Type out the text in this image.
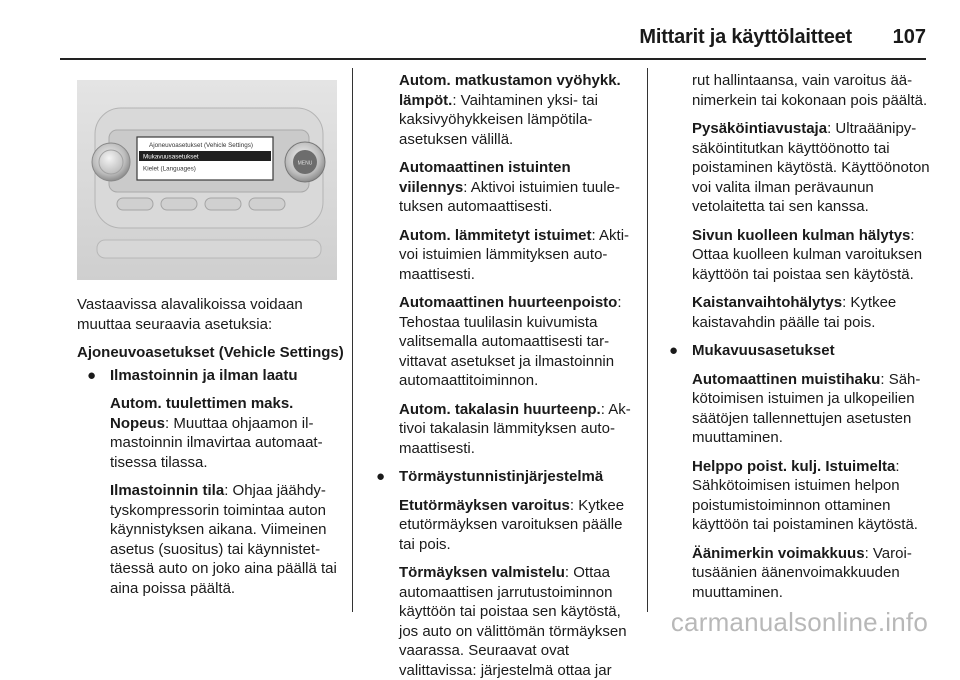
Mittarit ja käyttölaitteet 107
MENU
Ajoneuvoasetukset (Vehicle Settings)
Mukavuusasetukset
Kielet (Languages)

Vastaavissa alavalikoissa voidaan muuttaa seuraavia asetuksia:

Ajoneuvoasetukset (Vehicle Settings)

● Ilmastoinnin ja ilman laatu

Autom. tuulettimen maks. Nopeus: Muuttaa ohjaamon ilmastoinnin ilmavirtaa automaattisessa tilassa.

Ilmastoinnin tila: Ohjaa jäähdytyskompressorin toimintaa auton käynnistyksen aikana. Viimeinen asetus (suositus) tai käynnistettäessä auto on joko aina päällä tai aina poissa päältä.

Autom. matkustamon vyöhykk. lämpöt.: Vaihtaminen yksi- tai kaksivyöhykkeisen lämpötilaasetuksen välillä.

Automaattinen istuinten viilennys: Aktivoi istuimien tuuletuksen automaattisesti.

Autom. lämmitetyt istuimet: Aktivoi istuimien lämmityksen automaattisesti.

Automaattinen huurteenpoisto: Tehostaa tuulilasin kuivumista valitsemalla automaattisesti tarvittavat asetukset ja ilmastoinnin automaattitoiminnon.

Autom. takalasin huurteenp.: Aktivoi takalasin lämmityksen automaattisesti.

● Törmäystunnistinjärjestelmä

Etutörmäyksen varoitus: Kytkee etutörmäyksen varoituksen päälle tai pois.

Törmäyksen valmistelu: Ottaa automaattisen jarrutustoiminnon käyttöön tai poistaa sen käytöstä, jos auto on välittömän törmäyksen vaarassa. Seuraavat ovat valittavissa: järjestelmä ottaa jar

rut hallintaansa, vain varoitus äänimerkein tai kokonaan pois päältä.

Pysäköintiavustaja: Ultraäänipysäköintitutkan käyttöönotto tai poistaminen käytöstä. Käyttöönoton voi valita ilman perävaunun vetolaitetta tai sen kanssa.

Sivun kuolleen kulman hälytys: Ottaa kuolleen kulman varoituksen käyttöön tai poistaa sen käytöstä.

Kaistanvaihtohälytys: Kytkee kaistavahdin päälle tai pois.

● Mukavuusasetukset

Automaattinen muistihaku: Sähkötoimisen istuimen ja ulkopeilien säätöjen tallennettujen asetusten muuttaminen.

Helppo poist. kulj. Istuimelta: Sähkötoimisen istuimen helpon poistumistoiminnon ottaminen käyttöön tai poistaminen käytöstä.

Äänimerkin voimakkuus: Varoitusäänien äänenvoimakkuuden muuttaminen.

carmanualsonline.info
